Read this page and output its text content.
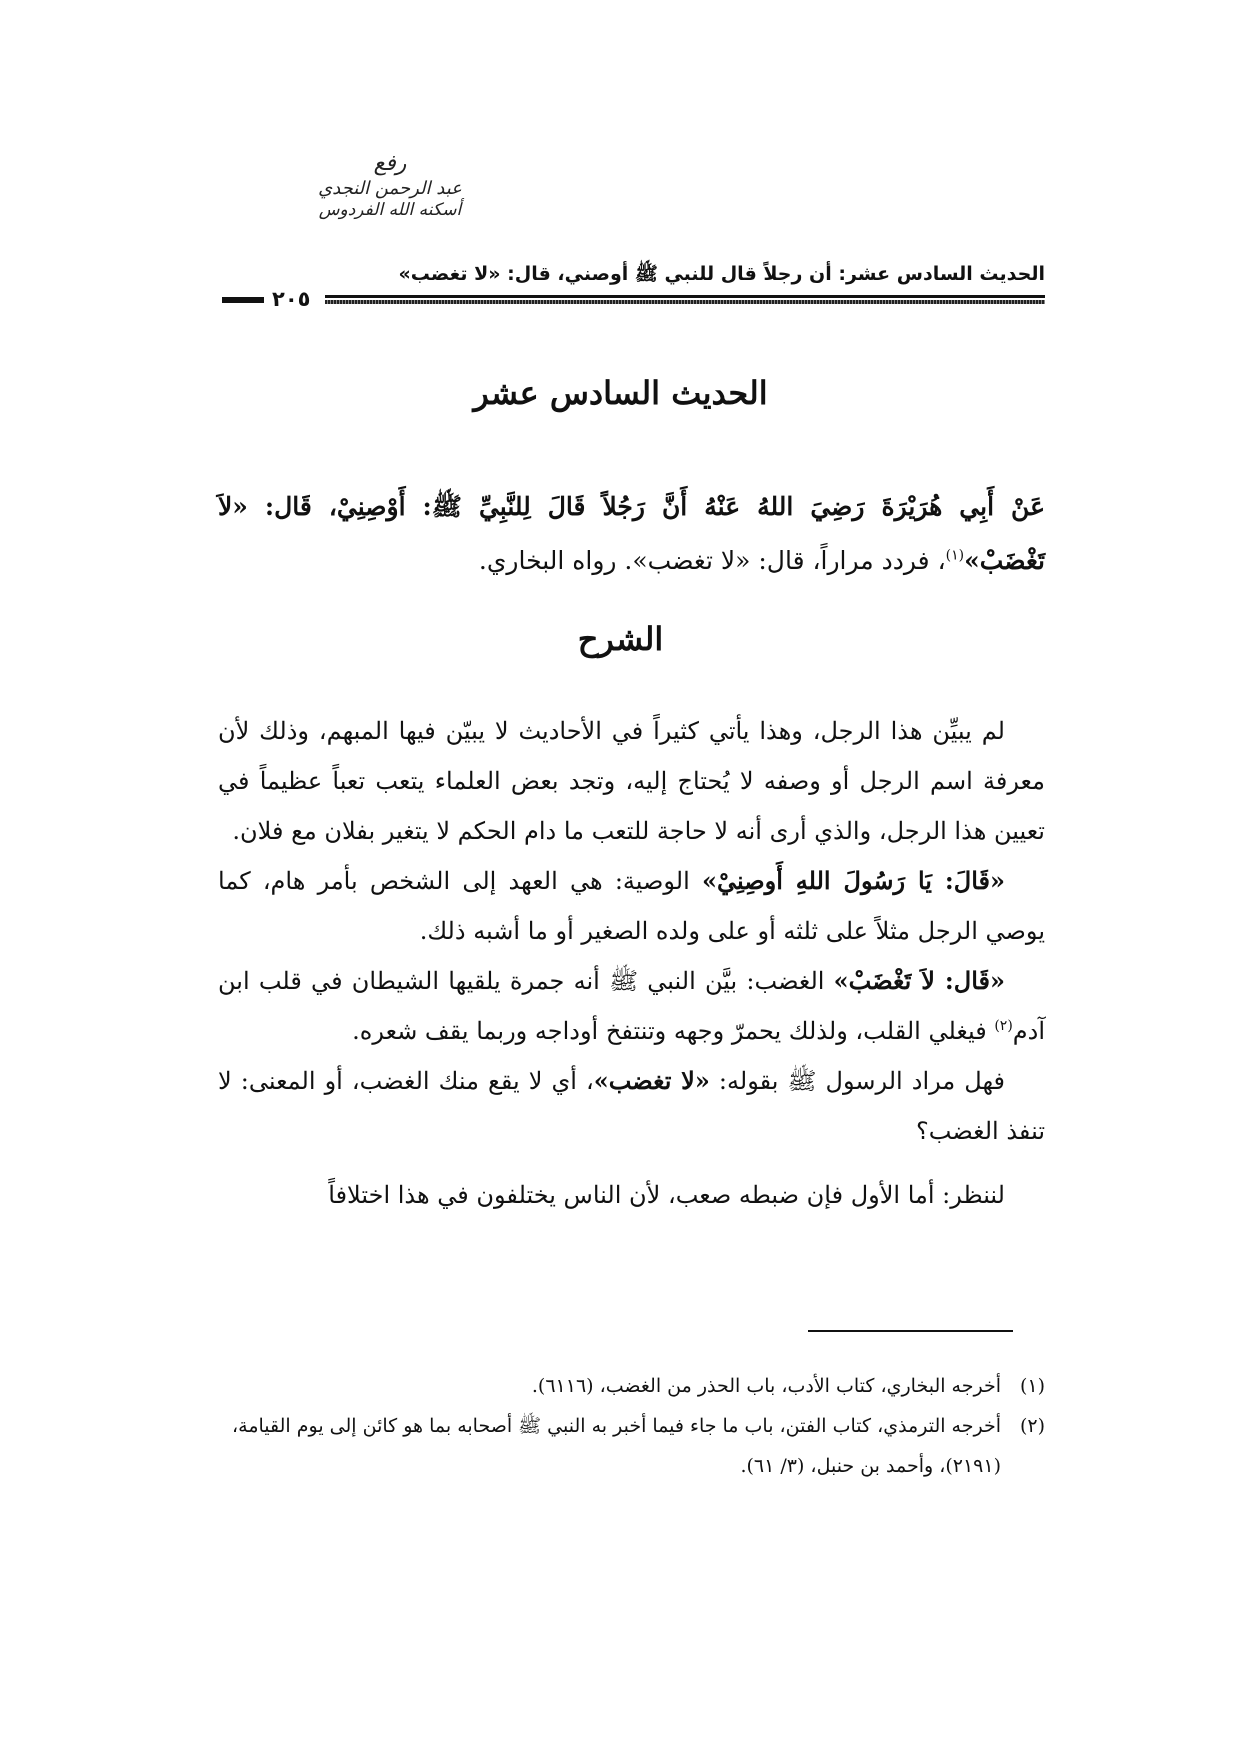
رفع
عبد الرحمن النجدي
أسكنه الله الفردوس
الحديث السادس عشر: أن رجلاً قال للنبي ﷺ أوصني، قال: «لا تغضب»
٢٠٥
الحديث السادس عشر

عَنْ أَبِي هُرَيْرَةَ رَضِيَ اللهُ عَنْهُ أَنَّ رَجُلاً قَالَ لِلنَّبِيِّ ﷺ: أَوْصِنِيْ، قَال: «لاَ تَغْضَبْ»$^{(١)}$، فردد مراراً، قال: «لا تغضب». رواه البخاري.

الشرح

لم يبيِّن هذا الرجل، وهذا يأتي كثيراً في الأحاديث لا يبيّن فيها المبهم، وذلك لأن معرفة اسم الرجل أو وصفه لا يُحتاج إليه، وتجد بعض العلماء يتعب تعباً عظيماً في تعيين هذا الرجل، والذي أرى أنه لا حاجة للتعب ما دام الحكم لا يتغير بفلان مع فلان.

«قَالَ: يَا رَسُولَ اللهِ أَوصِنِيْ» الوصية: هي العهد إلى الشخص بأمر هام، كما يوصي الرجل مثلاً على ثلثه أو على ولده الصغير أو ما أشبه ذلك.

«قَال: لاَ تَغْضَبْ» الغضب: بيَّن النبي ﷺ أنه جمرة يلقيها الشيطان في قلب ابن آدم$^{(٢)}$ فيغلي القلب، ولذلك يحمرّ وجهه وتنتفخ أوداجه وربما يقف شعره.

فهل مراد الرسول ﷺ بقوله: «لا تغضب»، أي لا يقع منك الغضب، أو المعنى: لا تنفذ الغضب؟

لننظر: أما الأول فإن ضبطه صعب، لأن الناس يختلفون في هذا اختلافاً

(١)
أخرجه البخاري، كتاب الأدب، باب الحذر من الغضب، (٦١١٦).
(٢)
أخرجه الترمذي، كتاب الفتن، باب ما جاء فيما أخبر به النبي ﷺ أصحابه بما هو كائن إلى يوم القيامة، (٢١٩١)، وأحمد بن حنبل، (٣/ ٦١).
